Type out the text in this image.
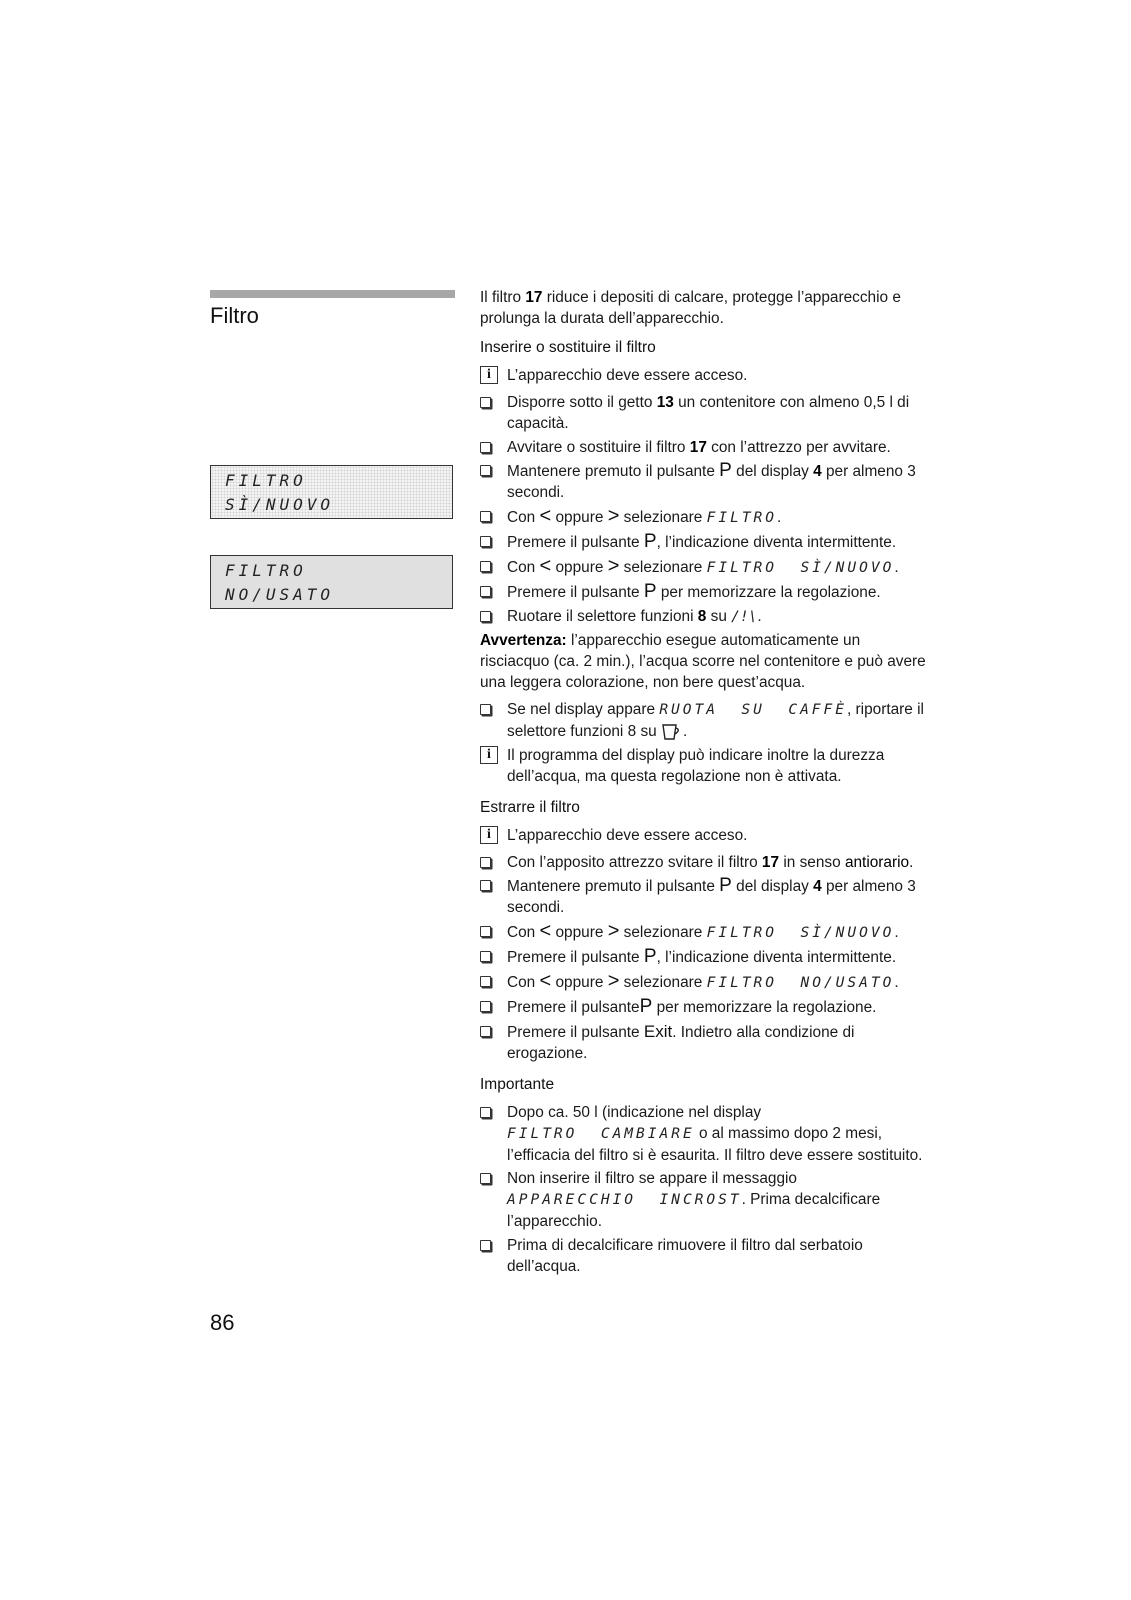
Filtro
FILTRO
SÌ/NUOVO
FILTRO
NO/USATO

Il filtro 17 riduce i depositi di calcare, protegge l’apparecchio e prolunga la durata dell’apparecchio.

Inserire o sostituire il filtro
i	L’apparecchio deve essere acceso.
Disporre sotto il getto 13 un contenitore con almeno 0,5 l di capacità.
Avvitare o sostituire il filtro 17 con l’attrezzo per avvitare.
Mantenere premuto il pulsante P del display 4 per almeno 3 secondi.
Con < oppure > selezionare FILTRO.
Premere il pulsante P, l’indicazione diventa intermittente.
Con < oppure > selezionare FILTRO  SÌ/NUOVO.
Premere il pulsante P per memorizzare la regolazione.
Ruotare il selettore funzioni 8 su /!\.

Avvertenza: l’apparecchio esegue automaticamente un risciacquo (ca. 2 min.), l’acqua scorre nel contenitore e può avere una leggera colorazione, non bere quest’acqua.

Se nel display appare RUOTA  SU  CAFFÈ, riportare il selettore funzioni 8 su .
i	Il programma del display può indicare inoltre la durezza dell’acqua, ma questa regolazione non è attivata.
Estrarre il filtro
i	L’apparecchio deve essere acceso.
Con l’apposito attrezzo svitare il filtro 17 in senso antiorario.
Mantenere premuto il pulsante P del display 4 per almeno 3 secondi.
Con < oppure > selezionare FILTRO  SÌ/NUOVO.
Premere il pulsante P, l’indicazione diventa intermittente.
Con < oppure > selezionare FILTRO  NO/USATO.
Premere il pulsanteP per memorizzare la regolazione.
Premere il pulsante Exit. Indietro alla condizione di erogazione.
Importante
Dopo ca. 50 l (indicazione nel display FILTRO  CAMBIARE o al massimo dopo 2 mesi, l’efficacia del filtro si è esaurita. Il filtro deve essere sostituito.
Non inserire il filtro se appare il messaggio APPARECCHIO  INCROST. Prima decalcificare l’apparecchio.
Prima di decalcificare rimuovere il filtro dal serbatoio dell’acqua.

86
